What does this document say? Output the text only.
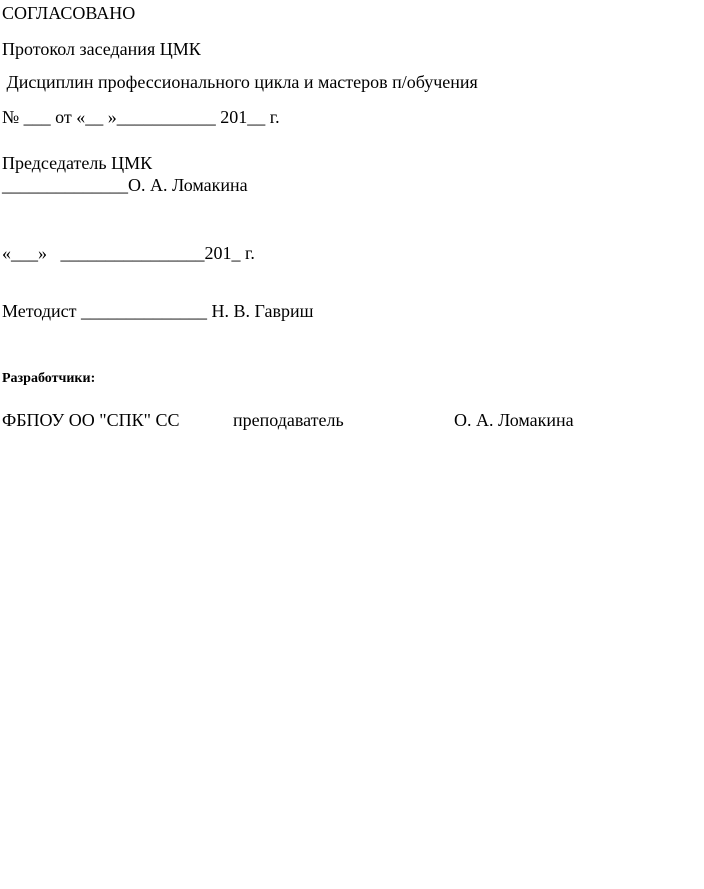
СОГЛАСОВАНО
Протокол заседания ЦМК
Дисциплин профессионального цикла и мастеров п/обучения
№ ___ от «__ »___________ 201__ г.
Председатель ЦМК
______________О. А. Ломакина
«___»   ________________201_ г.
Методист ______________ Н. В. Гавриш
Разработчики:
ФБПОУ ОО "СПК" СС	преподаватель	О. А. Ломакина
